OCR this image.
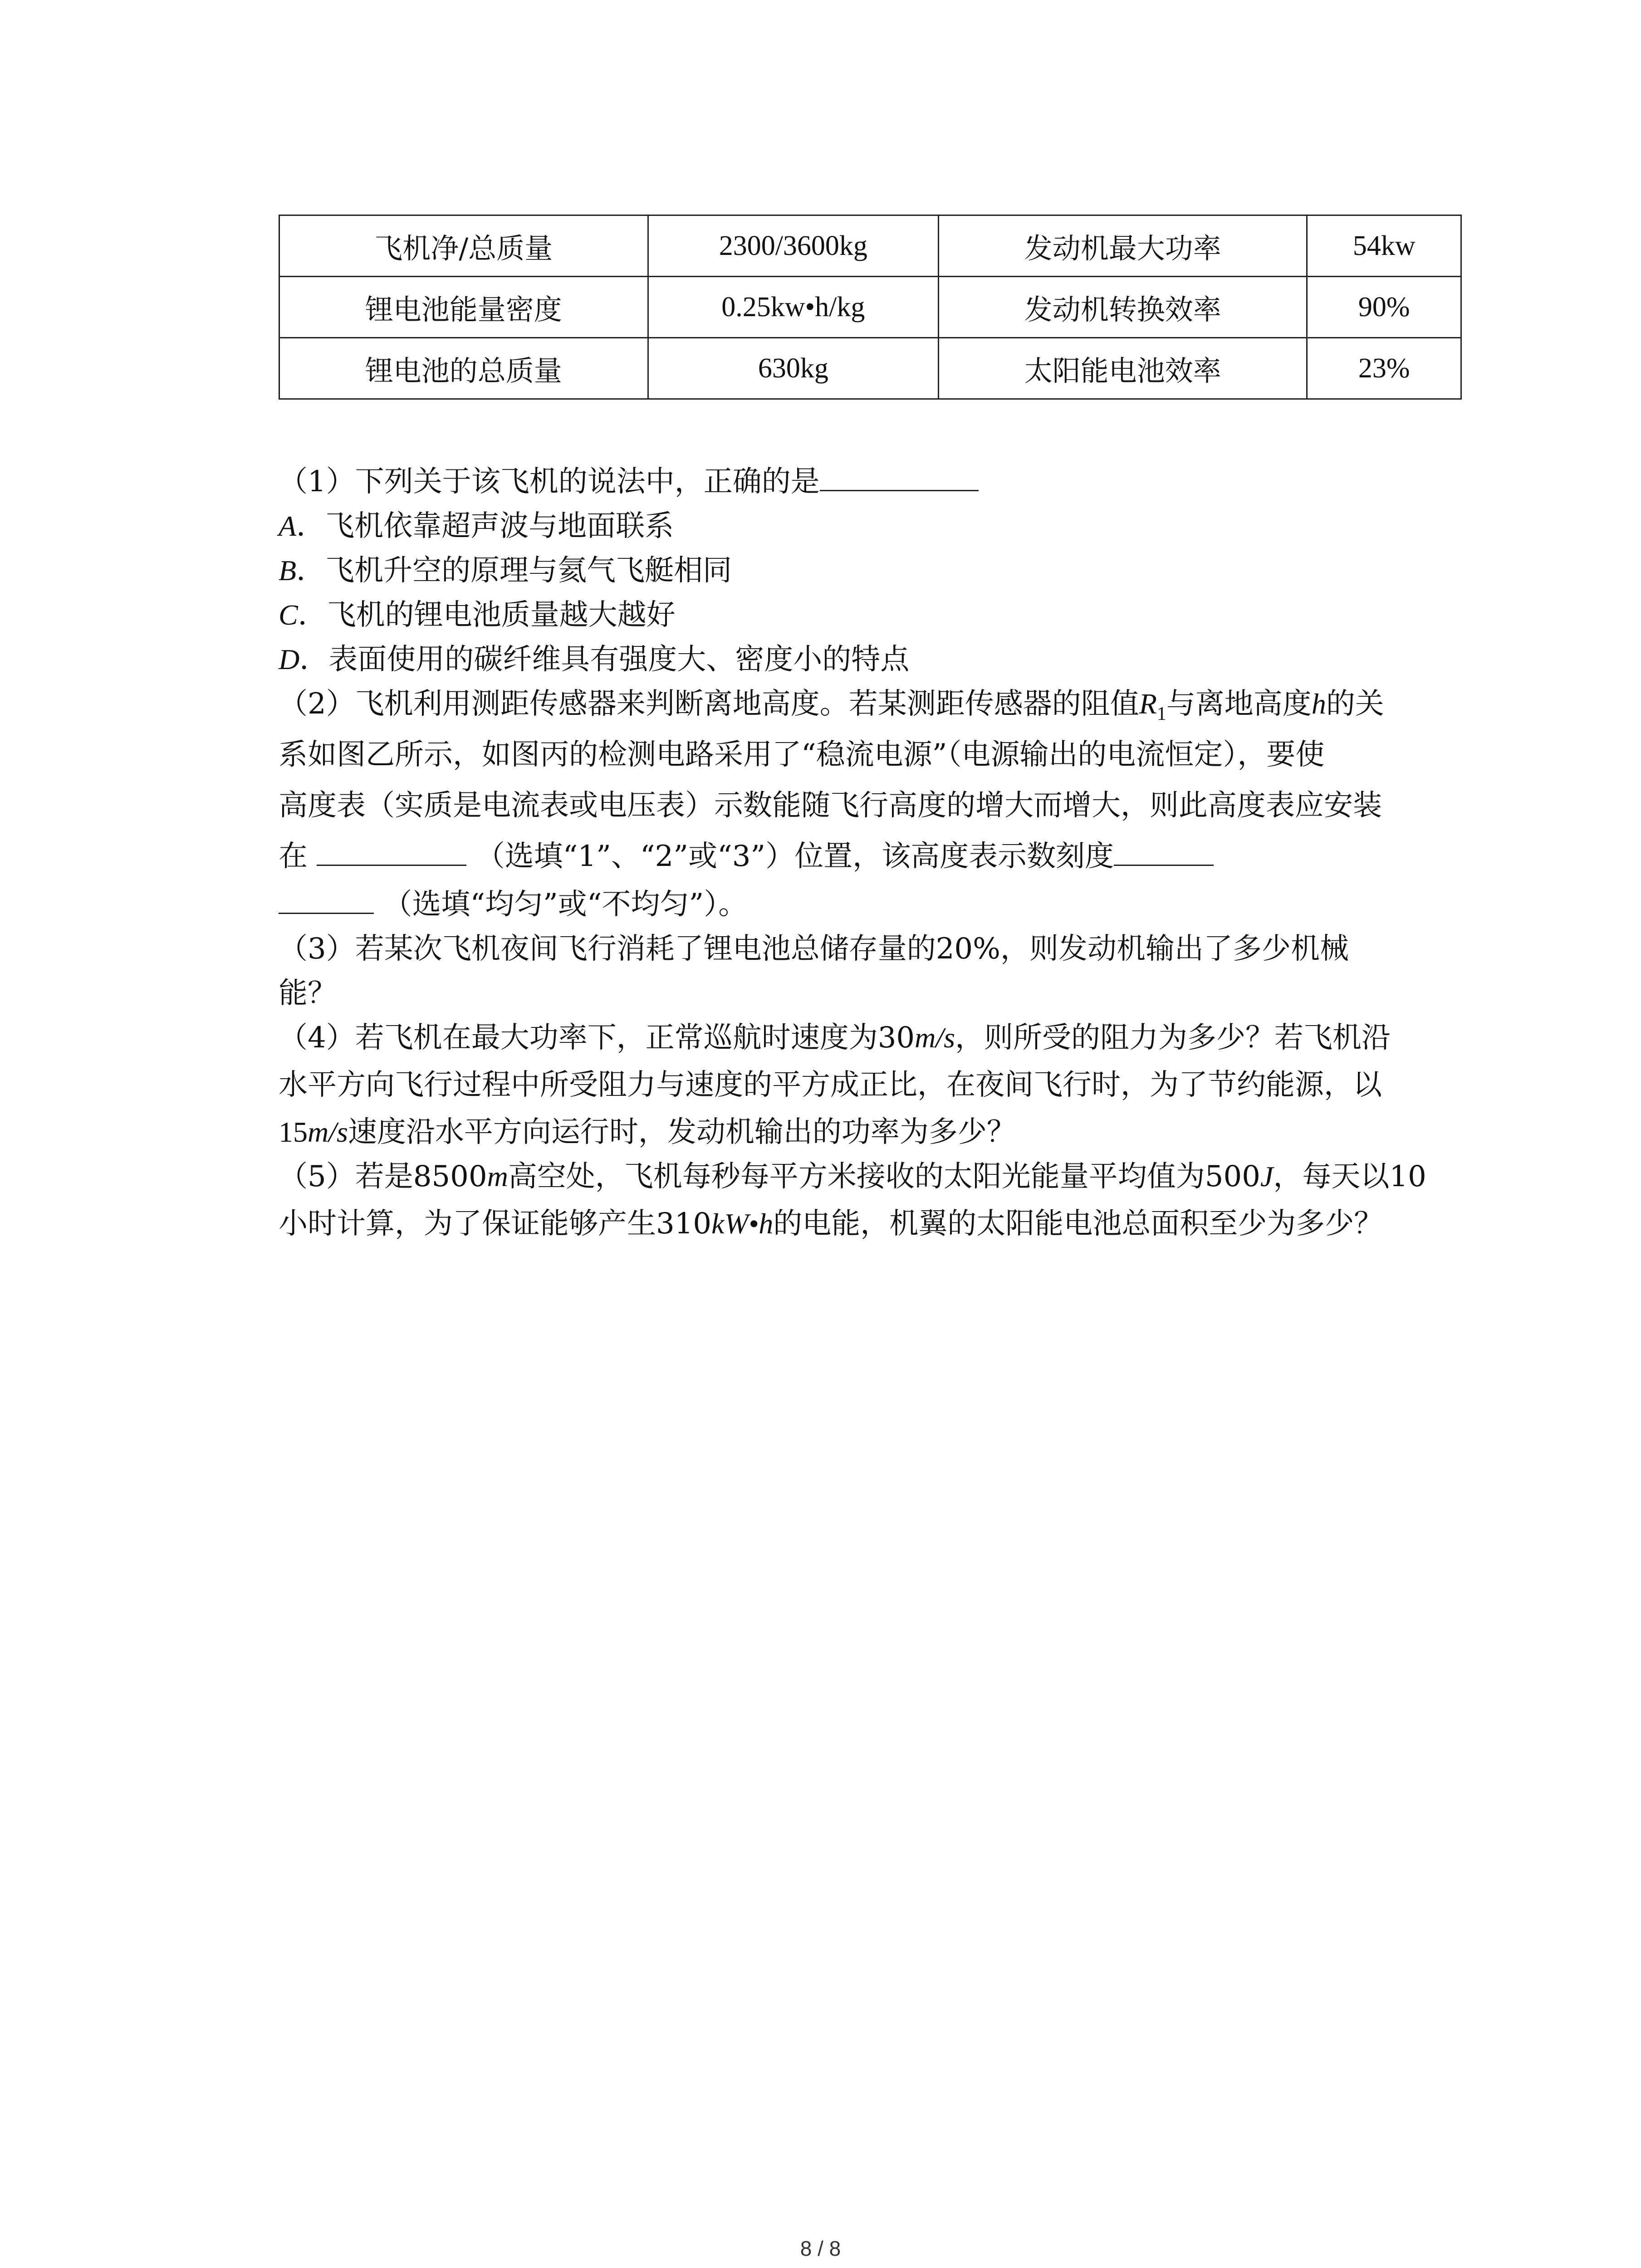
飞机净/总质量	2300/3600kg	发动机最大功率	54kw
锂电池能量密度	0.25kw•h/kg	发动机转换效率	90%
锂电池的总质量	630kg	太阳能电池效率	23%
（1）下列关于该飞机的说法中，正确的是
A．飞机依靠超声波与地面联系
B．飞机升空的原理与氦气飞艇相同
C．飞机的锂电池质量越大越好
D．表面使用的碳纤维具有强度大、密度小的特点
（2）飞机利用测距传感器来判断离地高度。若某测距传感器的阻值$R_1$与离地高度h的关
系如图乙所示，如图丙的检测电路采用了“稳流电源”（电源输出的电流恒定），要使
高度表（实质是电流表或电压表）示数能随飞行高度的增大而增大，则此高度表应安装
在	（选填“1”、“2”或“3”）位置，该高度表示数刻度
（选填“均匀”或“不均匀”）。
（3）若某次飞机夜间飞行消耗了锂电池总储存量的20%，则发动机输出了多少机械
能？
（4）若飞机在最大功率下，正常巡航时速度为30m/s，则所受的阻力为多少？若飞机沿
水平方向飞行过程中所受阻力与速度的平方成正比，在夜间飞行时，为了节约能源，以
15m/s速度沿水平方向运行时，发动机输出的功率为多少？
（5）若是8500m高空处，飞机每秒每平方米接收的太阳光能量平均值为500J，每天以10
小时计算，为了保证能够产生310kW•h的电能，机翼的太阳能电池总面积至少为多少？
8 / 8
